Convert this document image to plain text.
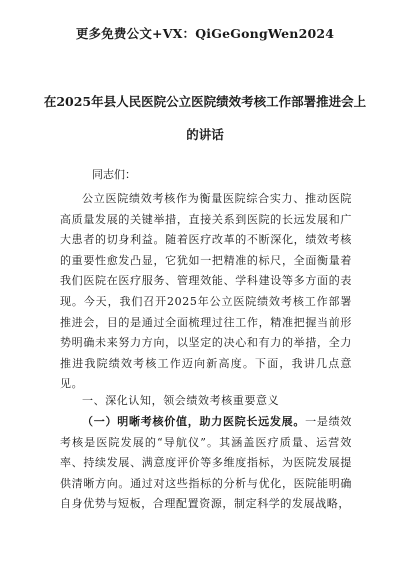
更多免费公文+VX：QiGeGongWen2024
在2025年县人民医院公立医院绩效考核工作部署推进会上
的讲话
同志们：
公立医院绩效考核作为衡量医院综合实力、推动医院高质量发展的关键举措，直接关系到医院的长远发展和广大患者的切身利益。随着医疗改革的不断深化，绩效考核的重要性愈发凸显，它犹如一把精准的标尺，全面衡量着我们医院在医疗服务、管理效能、学科建设等多方面的表现。今天，我们召开2025年公立医院绩效考核工作部署推进会，目的是通过全面梳理过往工作，精准把握当前形势明确未来努力方向，以坚定的决心和有力的举措，全力推进我院绩效考核工作迈向新高度。下面，我讲几点意见。
一、深化认知，领会绩效考核重要意义
（一）明晰考核价值，助力医院长远发展。一是绩效考核是医院发展的“导航仪”。其涵盖医疗质量、运营效率、持续发展、满意度评价等多维度指标，为医院发展提供清晰方向。通过对这些指标的分析与优化，医院能明确自身优势与短板，合理配置资源，制定科学的发展战略，
